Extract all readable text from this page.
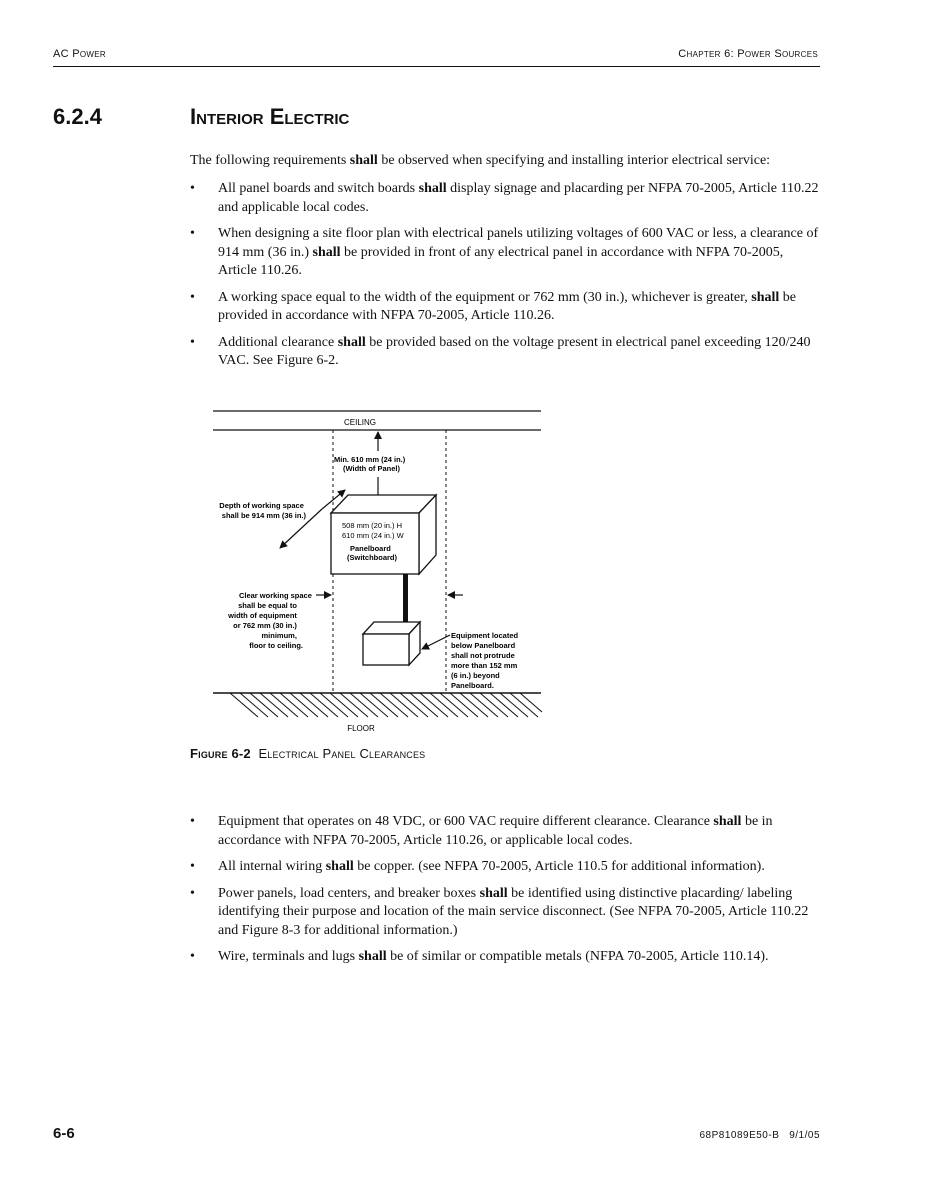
AC Power	Chapter 6: Power Sources
6.2.4	Interior Electric

The following requirements shall be observed when specifying and installing interior electrical service:

• All panel boards and switch boards shall display signage and placarding per NFPA 70-2005, Article 110.22 and applicable local codes.
• When designing a site floor plan with electrical panels utilizing voltages of 600 VAC or less, a clearance of 914 mm (36 in.) shall be provided in front of any electrical panel in accordance with NFPA 70-2005, Article 110.26.
• A working space equal to the width of the equipment or 762 mm (30 in.), whichever is greater, shall be provided in accordance with NFPA 70-2005, Article 110.26.
• Additional clearance shall be provided based on the voltage present in electrical panel exceeding 120/240 VAC. See Figure 6-2.
CEILING
Min. 610 mm (24 in.) (Width of Panel)
Depth of working space shall be 914 mm (36 in.)
508 mm (20 in.) H 610 mm (24 in.) W
Panelboard (Switchboard)
Clear working space shall be equal to width of equipment or 762 mm (30 in.) minimum, floor to ceiling.
Equipment located below Panelboard shall not protrude more than 152 mm (6 in.) beyond Panelboard.
FLOOR
Figure 6-2 Electrical Panel Clearances
• Equipment that operates on 48 VDC, or 600 VAC require different clearance. Clearance shall be in accordance with NFPA 70-2005, Article 110.26, or applicable local codes.
• All internal wiring shall be copper. (see NFPA 70-2005, Article 110.5 for additional information).
• Power panels, load centers, and breaker boxes shall be identified using distinctive placarding/ labeling identifying their purpose and location of the main service disconnect. (See NFPA 70-2005, Article 110.22 and Figure 8-3 for additional information.)
• Wire, terminals and lugs shall be of similar or compatible metals (NFPA 70-2005, Article 110.14).
6-6	68P81089E50-B   9/1/05
